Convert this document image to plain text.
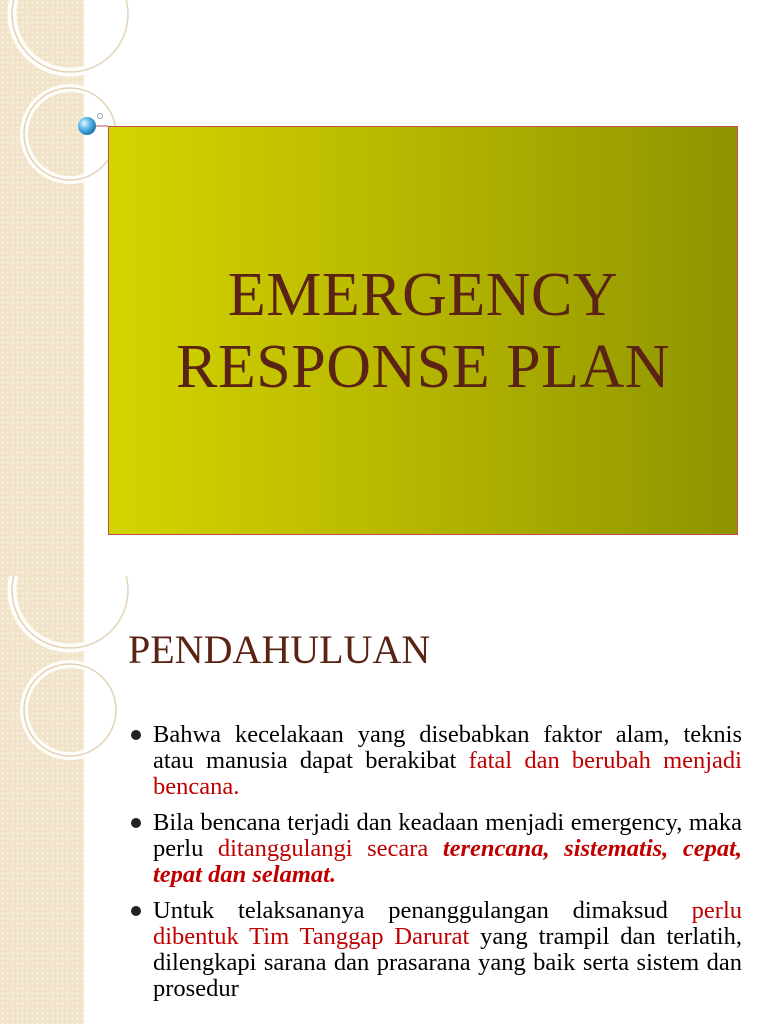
EMERGENCY
RESPONSE PLAN
PENDAHULUAN
Bahwa kecelakaan yang disebabkan faktor alam, teknis atau manusia dapat berakibat fatal dan berubah menjadi bencana.
Bila bencana terjadi dan keadaan menjadi emergency, maka perlu ditanggulangi secara terencana, sistematis, cepat, tepat dan selamat.
Untuk telaksananya penanggulangan dimaksud perlu dibentuk Tim Tanggap Darurat yang trampil dan terlatih, dilengkapi sarana dan prasarana yang baik serta sistem dan prosedur
